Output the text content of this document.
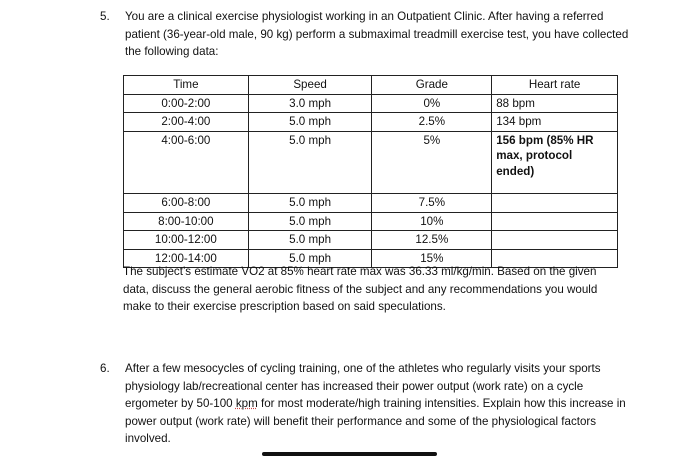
5.	You are a clinical exercise physiologist working in an Outpatient Clinic. After having a referred patient (36-year-old male, 90 kg) perform a submaximal treadmill exercise test, you have collected the following data:
Time	Speed	Grade	Heart rate
0:00-2:00	3.0 mph	0%	88 bpm
2:00-4:00	5.0 mph	2.5%	134 bpm
4:00-6:00	5.0 mph	5%	156 bpm (85% HR max, protocol ended)
6:00-8:00	5.0 mph	7.5%	
8:00-10:00	5.0 mph	10%	
10:00-12:00	5.0 mph	12.5%	
12:00-14:00	5.0 mph	15%	
The subject’s estimate VO2 at 85% heart rate max was 36.33 ml/kg/min. Based on the given data, discuss the general aerobic fitness of the subject and any recommendations you would make to their exercise prescription based on said speculations.
6.	After a few mesocycles of cycling training, one of the athletes who regularly visits your sports physiology lab/recreational center has increased their power output (work rate) on a cycle ergometer by 50-100 kpm for most moderate/high training intensities. Explain how this increase in power output (work rate) will benefit their performance and some of the physiological factors involved.
